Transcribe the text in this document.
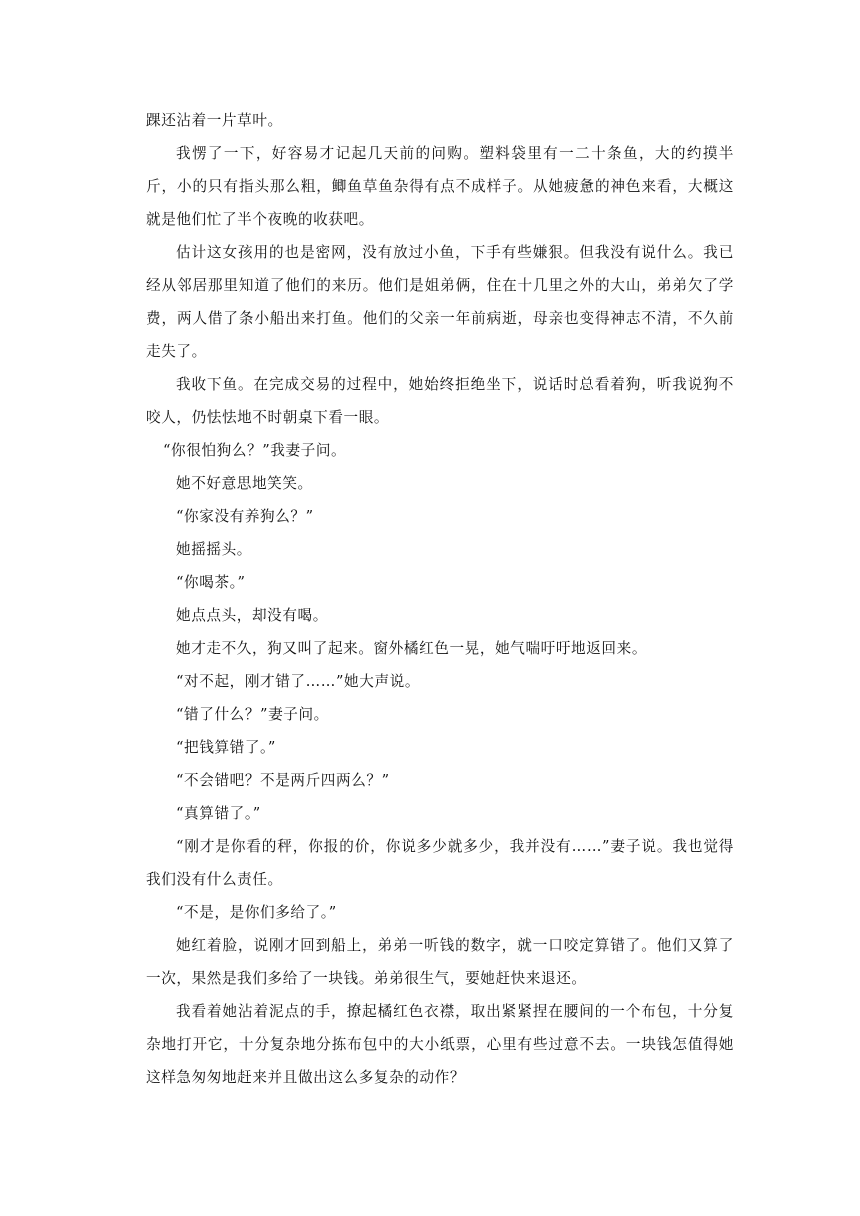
踝还沾着一片草叶。

我愣了一下，好容易才记起几天前的问购。塑料袋里有一二十条鱼，大的约摸半斤，小的只有指头那么粗，鲫鱼草鱼杂得有点不成样子。从她疲惫的神色来看，大概这就是他们忙了半个夜晚的收获吧。

估计这女孩用的也是密网，没有放过小鱼，下手有些嫌狠。但我没有说什么。我已经从邻居那里知道了他们的来历。他们是姐弟俩，住在十几里之外的大山，弟弟欠了学费，两人借了条小船出来打鱼。他们的父亲一年前病逝，母亲也变得神志不清，不久前走失了。

我收下鱼。在完成交易的过程中，她始终拒绝坐下，说话时总看着狗，听我说狗不咬人，仍怯怯地不时朝桌下看一眼。

“你很怕狗么？”我妻子问。

她不好意思地笑笑。

“你家没有养狗么？”

她摇摇头。

“你喝茶。”

她点点头，却没有喝。

她才走不久，狗又叫了起来。窗外橘红色一晃，她气喘吁吁地返回来。

“对不起，刚才错了……”她大声说。

“错了什么？”妻子问。

“把钱算错了。”

“不会错吧？不是两斤四两么？”

“真算错了。”

“刚才是你看的秤，你报的价，你说多少就多少，我并没有……”妻子说。我也觉得我们没有什么责任。

“不是，是你们多给了。”

她红着脸，说刚才回到船上，弟弟一听钱的数字，就一口咬定算错了。他们又算了一次，果然是我们多给了一块钱。弟弟很生气，要她赶快来退还。

我看着她沾着泥点的手，撩起橘红色衣襟，取出紧紧捏在腰间的一个布包，十分复杂地打开它，十分复杂地分拣布包中的大小纸票，心里有些过意不去。一块钱怎值得她这样急匆匆地赶来并且做出这么多复杂的动作？
